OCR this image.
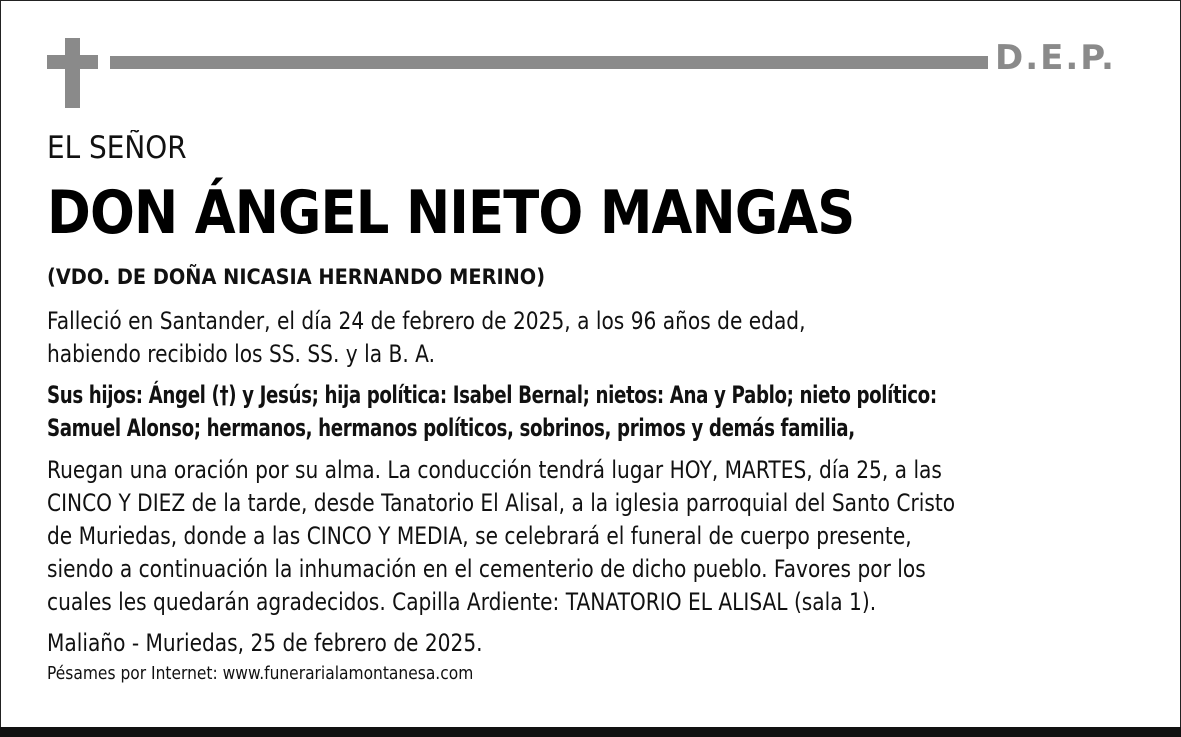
D.E.P.
EL SEÑOR
DON ÁNGEL NIETO MANGAS
(VDO. DE DOÑA NICASIA HERNANDO MERINO)
Falleció en Santander, el día 24 de febrero de 2025, a los 96 años de edad,
habiendo recibido los SS. SS. y la B. A.
Sus hijos: Ángel (†) y Jesús; hija política: Isabel Bernal; nietos: Ana y Pablo; nieto político:
Samuel Alonso; hermanos, hermanos políticos, sobrinos, primos y demás familia,
Ruegan una oración por su alma. La conducción tendrá lugar HOY, MARTES, día 25, a las
CINCO Y DIEZ de la tarde, desde Tanatorio El Alisal, a la iglesia parroquial del Santo Cristo
de Muriedas, donde a las CINCO Y MEDIA, se celebrará el funeral de cuerpo presente,
siendo a continuación la inhumación en el cementerio de dicho pueblo. Favores por los
cuales les quedarán agradecidos. Capilla Ardiente: TANATORIO EL ALISAL (sala 1).
Maliaño - Muriedas, 25 de febrero de 2025.
Pésames por Internet: www.funerarialamontanesa.com
